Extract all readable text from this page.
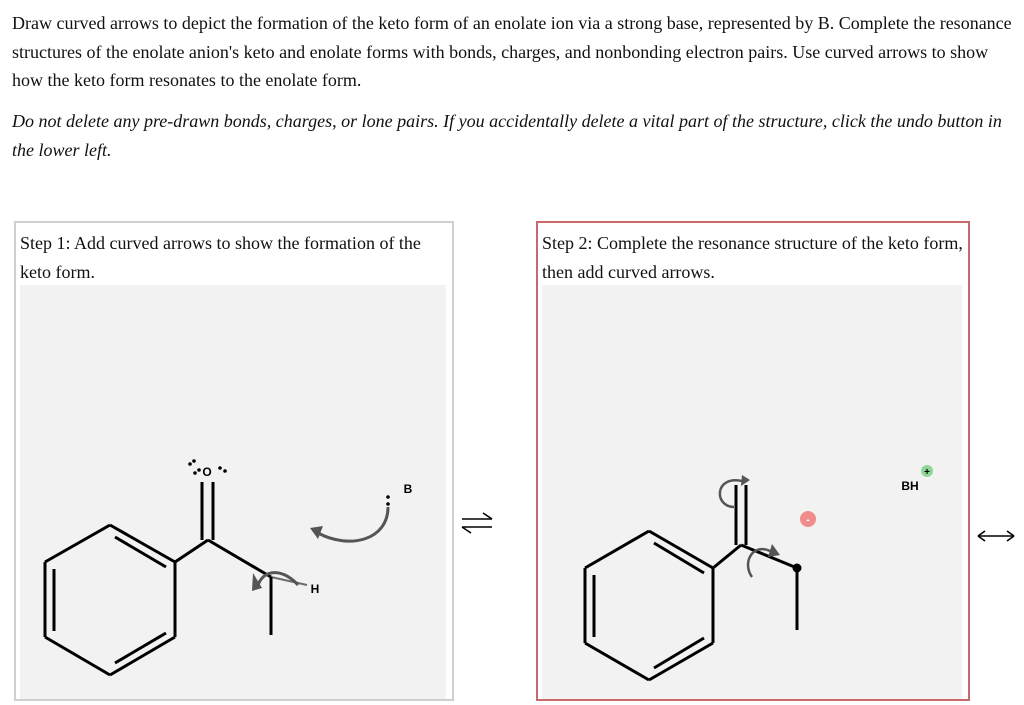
Draw curved arrows to depict the formation of the keto form of an enolate ion via a strong base, represented by B. Complete the resonance structures of the enolate anion's keto and enolate forms with bonds, charges, and nonbonding electron pairs. Use curved arrows to show how the keto form resonates to the enolate form.
Do not delete any pre-drawn bonds, charges, or lone pairs. If you accidentally delete a vital part of the structure, click the undo button in the lower left.
Step 1: Add curved arrows to show the formation of the keto form.
O
H
B
Step 2: Complete the resonance structure of the keto form, then add curved arrows.
-
BH
+
